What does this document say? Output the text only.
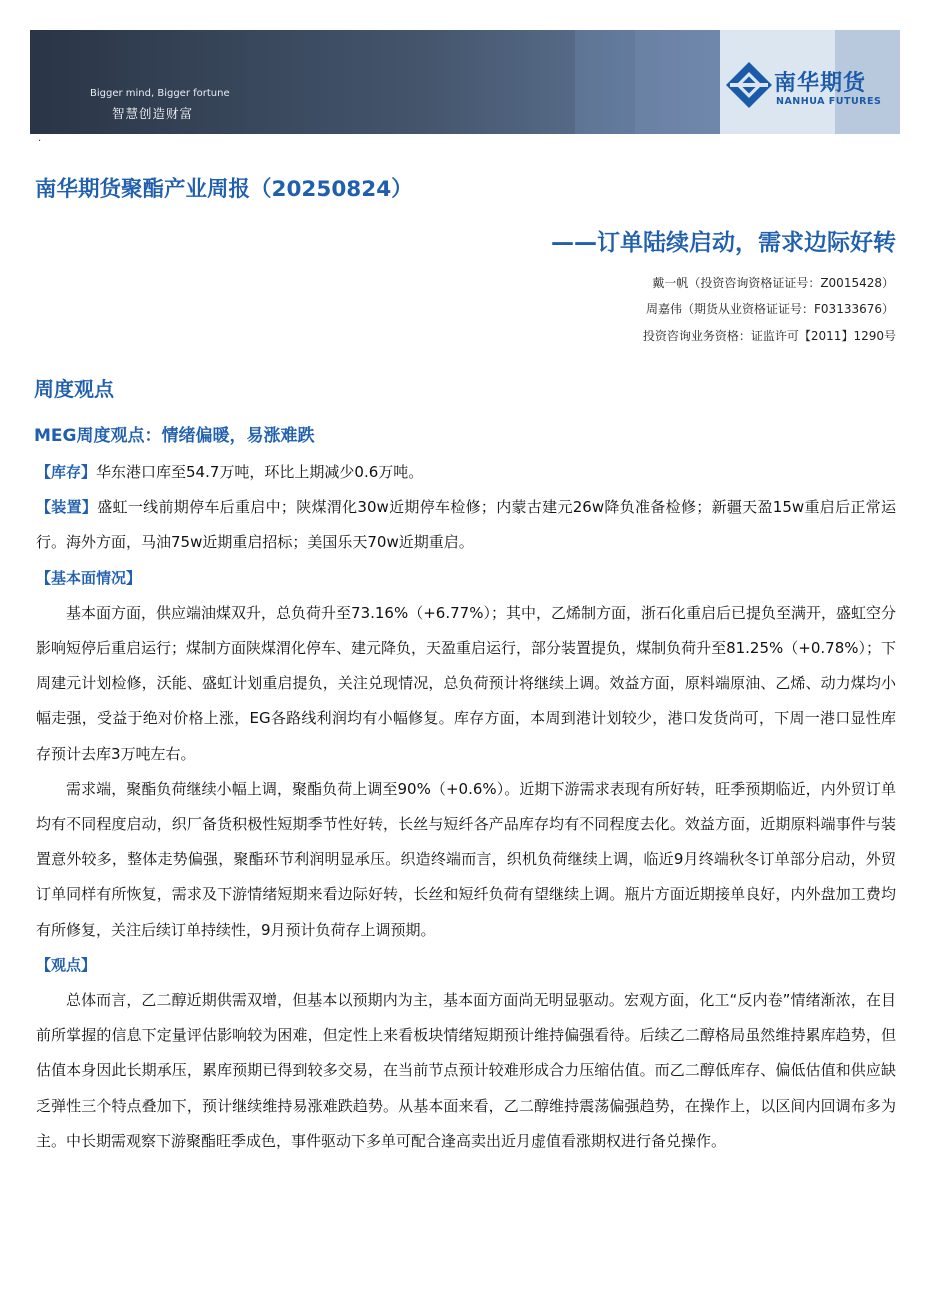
南华期货
NANHUA FUTURES
Bigger mind, Bigger fortune
智慧创造财富
·
南华期货聚酯产业周报（20250824）
——订单陆续启动，需求边际好转
戴一帆（投资咨询资格证证号：Z0015428）
周嘉伟（期货从业资格证证号：F03133676）
投资咨询业务资格：证监许可【2011】1290号
周度观点
MEG周度观点：情绪偏暖，易涨难跌

【库存】华东港口库至54.7万吨，环比上期减少0.6万吨。

【装置】盛虹一线前期停车后重启中；陕煤渭化30w近期停车检修；内蒙古建元26w降负准备检修；新疆天盈15w重启后正常运行。海外方面，马油75w近期重启招标；美国乐天70w近期重启。

【基本面情况】

基本面方面，供应端油煤双升，总负荷升至73.16%（+6.77%）；其中，乙烯制方面，浙石化重启后已提负至满开，盛虹空分影响短停后重启运行；煤制方面陕煤渭化停车、建元降负，天盈重启运行，部分装置提负，煤制负荷升至81.25%（+0.78%）；下周建元计划检修，沃能、盛虹计划重启提负，关注兑现情况，总负荷预计将继续上调。效益方面，原料端原油、乙烯、动力煤均小幅走强，受益于绝对价格上涨，EG各路线利润均有小幅修复。库存方面，本周到港计划较少，港口发货尚可，下周一港口显性库存预计去库3万吨左右。

需求端，聚酯负荷继续小幅上调，聚酯负荷上调至90%（+0.6%）。近期下游需求表现有所好转，旺季预期临近，内外贸订单均有不同程度启动，织厂备货积极性短期季节性好转，长丝与短纤各产品库存均有不同程度去化。效益方面，近期原料端事件与装置意外较多，整体走势偏强，聚酯环节利润明显承压。织造终端而言，织机负荷继续上调，临近9月终端秋冬订单部分启动，外贸订单同样有所恢复，需求及下游情绪短期来看边际好转，长丝和短纤负荷有望继续上调。瓶片方面近期接单良好，内外盘加工费均有所修复，关注后续订单持续性，9月预计负荷存上调预期。

【观点】

总体而言，乙二醇近期供需双增，但基本以预期内为主，基本面方面尚无明显驱动。宏观方面，化工“反内卷”情绪渐浓，在目前所掌握的信息下定量评估影响较为困难，但定性上来看板块情绪短期预计维持偏强看待。后续乙二醇格局虽然维持累库趋势，但估值本身因此长期承压，累库预期已得到较多交易，在当前节点预计较难形成合力压缩估值。而乙二醇低库存、偏低估值和供应缺乏弹性三个特点叠加下，预计继续维持易涨难跌趋势。从基本面来看，乙二醇维持震荡偏强趋势，在操作上，以区间内回调布多为主。中长期需观察下游聚酯旺季成色，事件驱动下多单可配合逢高卖出近月虚值看涨期权进行备兑操作。
